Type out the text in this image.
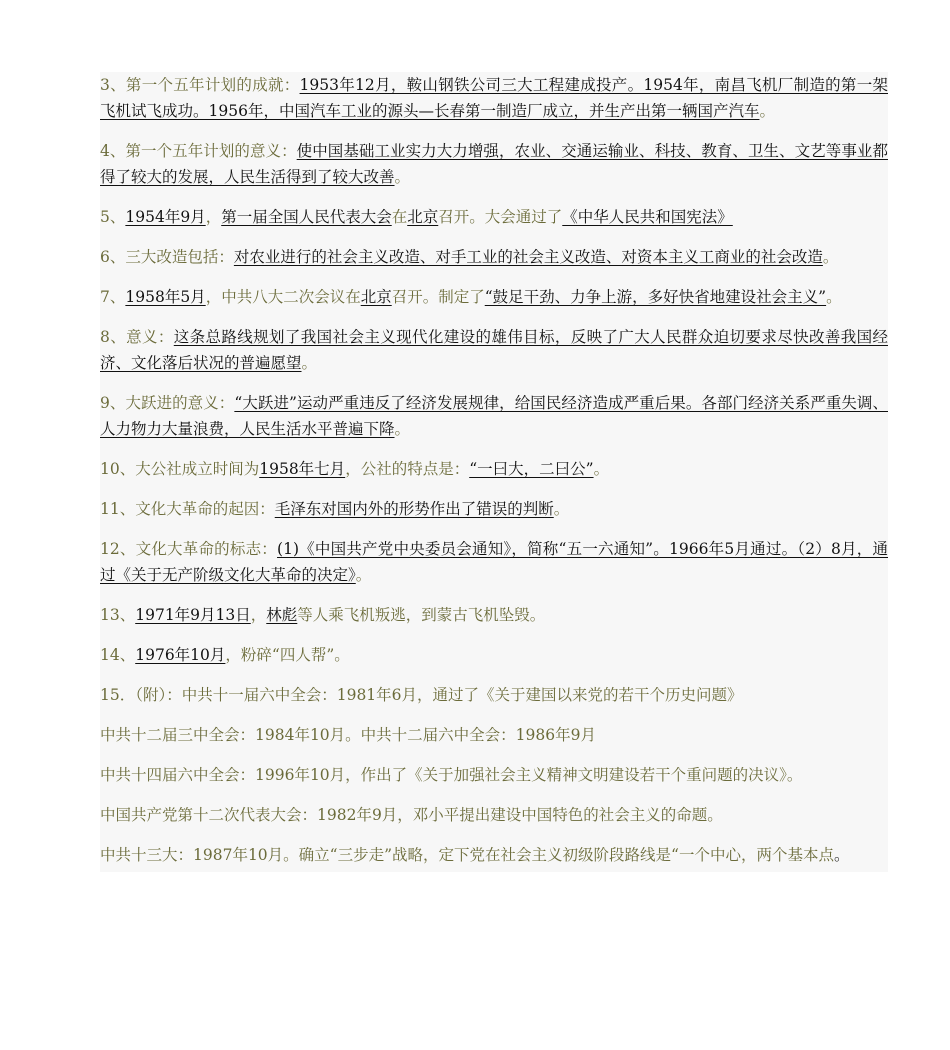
3、第一个五年计划的成就：1953年12月，鞍山钢铁公司三大工程建成投产。1954年，南昌飞机厂制造的第一架飞机试飞成功。1956年，中国汽车工业的源头—长春第一制造厂成立，并生产出第一辆国产汽车。

4、第一个五年计划的意义：使中国基础工业实力大力增强，农业、交通运输业、科技、教育、卫生、文艺等事业都得了较大的发展，人民生活得到了较大改善。

5、1954年9月，第一届全国人民代表大会在北京召开。大会通过了《中华人民共和国宪法》

6、三大改造包括：对农业进行的社会主义改造、对手工业的社会主义改造、对资本主义工商业的社会改造。

7、1958年5月，中共八大二次会议在北京召开。制定了“鼓足干劲、力争上游，多好快省地建设社会主义”。

8、意义：这条总路线规划了我国社会主义现代化建设的雄伟目标，反映了广大人民群众迫切要求尽快改善我国经济、文化落后状况的普遍愿望。

9、大跃进的意义：“大跃进”运动严重违反了经济发展规律，给国民经济造成严重后果。各部门经济关系严重失调、人力物力大量浪费，人民生活水平普遍下降。

10、大公社成立时间为1958年七月，公社的特点是：“一曰大，二曰公”。

11、文化大革命的起因：毛泽东对国内外的形势作出了错误的判断。

12、文化大革命的标志：(1)《中国共产党中央委员会通知》，简称“五一六通知”。1966年5月通过。（2）8月，通过《关于无产阶级文化大革命的决定》。

13、1971年9月13日，林彪等人乘飞机叛逃，到蒙古飞机坠毁。

14、1976年10月，粉碎“四人帮”。

15．（附）：中共十一届六中全会：1981年6月，通过了《关于建国以来党的若干个历史问题》

中共十二届三中全会：1984年10月。中共十二届六中全会：1986年9月

中共十四届六中全会：1996年10月，作出了《关于加强社会主义精神文明建设若干个重问题的决议》。

中国共产党第十二次代表大会：1982年9月，邓小平提出建设中国特色的社会主义的命题。

中共十三大：1987年10月。确立“三步走”战略，定下党在社会主义初级阶段路线是“一个中心，两个基本点。
